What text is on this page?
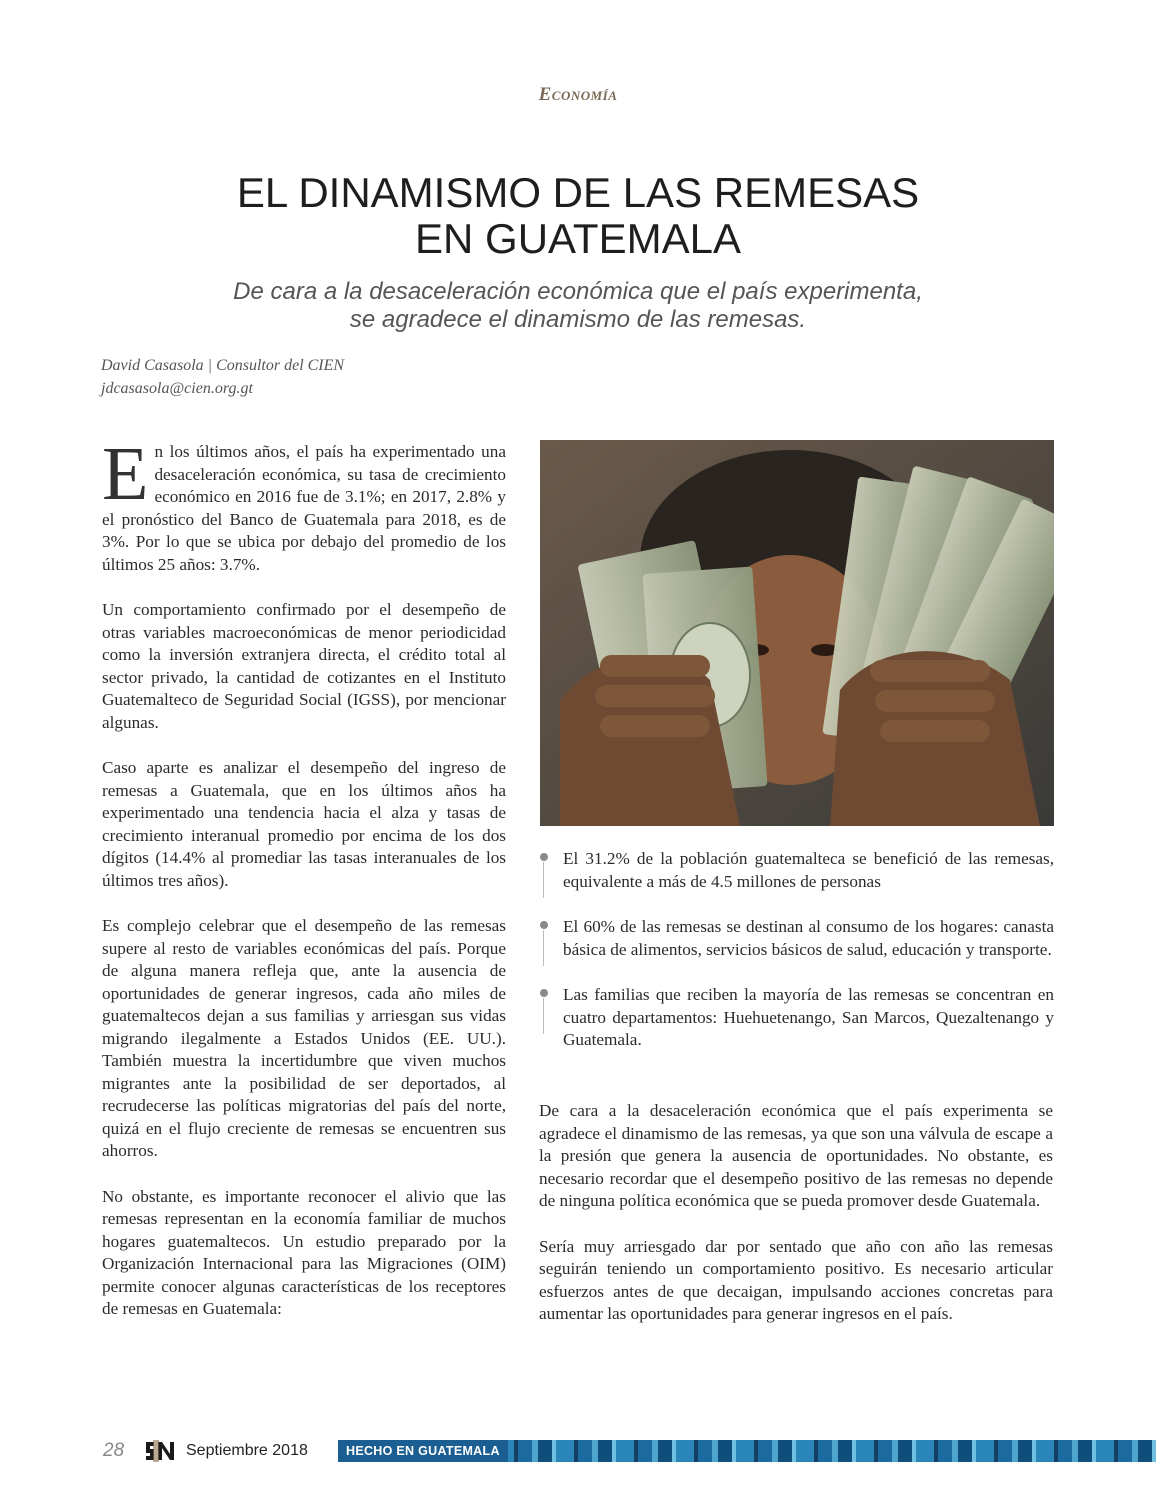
Economía
EL DINAMISMO DE LAS REMESAS
EN GUATEMALA

De cara a la desaceleración económica que el país experimenta,
se agradece el dinamismo de las remesas.

David Casasola | Consultor del CIEN
jdcasasola@cien.org.gt

En los últimos años, el país ha experimentado una desaceleración económica, su tasa de crecimiento económico en 2016 fue de 3.1%; en 2017, 2.8% y el pronóstico del Banco de Guatemala para 2018, es de 3%. Por lo que se ubica por debajo del promedio de los últimos 25 años: 3.7%.

Un comportamiento confirmado por el desempeño de otras variables macroeconómicas de menor periodicidad como la inversión extranjera directa, el crédito total al sector privado, la cantidad de cotizantes en el Instituto Guatemalteco de Seguridad Social (IGSS), por mencionar algunas.

Caso aparte es analizar el desempeño del ingreso de remesas a Guatemala, que en los últimos años ha experimentado una tendencia hacia el alza y tasas de crecimiento interanual promedio por encima de los dos dígitos (14.4% al promediar las tasas interanuales de los últimos tres años).

Es complejo celebrar que el desempeño de las remesas supere al resto de variables económicas del país. Porque de alguna manera refleja que, ante la ausencia de oportunidades de generar ingresos, cada año miles de guatemaltecos dejan a sus familias y arriesgan sus vidas migrando ilegalmente a Estados Unidos (EE. UU.). También muestra la incertidumbre que viven muchos migrantes ante la posibilidad de ser deportados, al recrudecerse las políticas migratorias del país del norte, quizá en el flujo creciente de remesas se encuentren sus ahorros.

No obstante, es importante reconocer el alivio que las remesas representan en la economía familiar de muchos hogares guatemaltecos. Un estudio preparado por la Organización Internacional para las Migraciones (OIM) permite conocer algunas características de los receptores de remesas en Guatemala:

El 31.2% de la población guatemalteca se benefició de las remesas, equivalente a más de 4.5 millones de personas
El 60% de las remesas se destinan al consumo de los hogares: canasta básica de alimentos, servicios básicos de salud, educación y transporte.
Las familias que reciben la mayoría de las remesas se concentran en cuatro departamentos: Huehuetenango, San Marcos, Quezaltenango y Guatemala.

De cara a la desaceleración económica que el país experimenta se agradece el dinamismo de las remesas, ya que son una válvula de escape a la presión que genera la ausencia de oportunidades. No obstante, es necesario recordar que el desempeño positivo de las remesas no depende de ninguna política económica que se pueda promover desde Guatemala.

Sería muy arriesgado dar por sentado que año con año las remesas seguirán teniendo un comportamiento positivo. Es necesario articular esfuerzos antes de que decaigan, impulsando acciones concretas para aumentar las oportunidades para generar ingresos en el país.

28	Septiembre 2018	HECHO EN GUATEMALA
